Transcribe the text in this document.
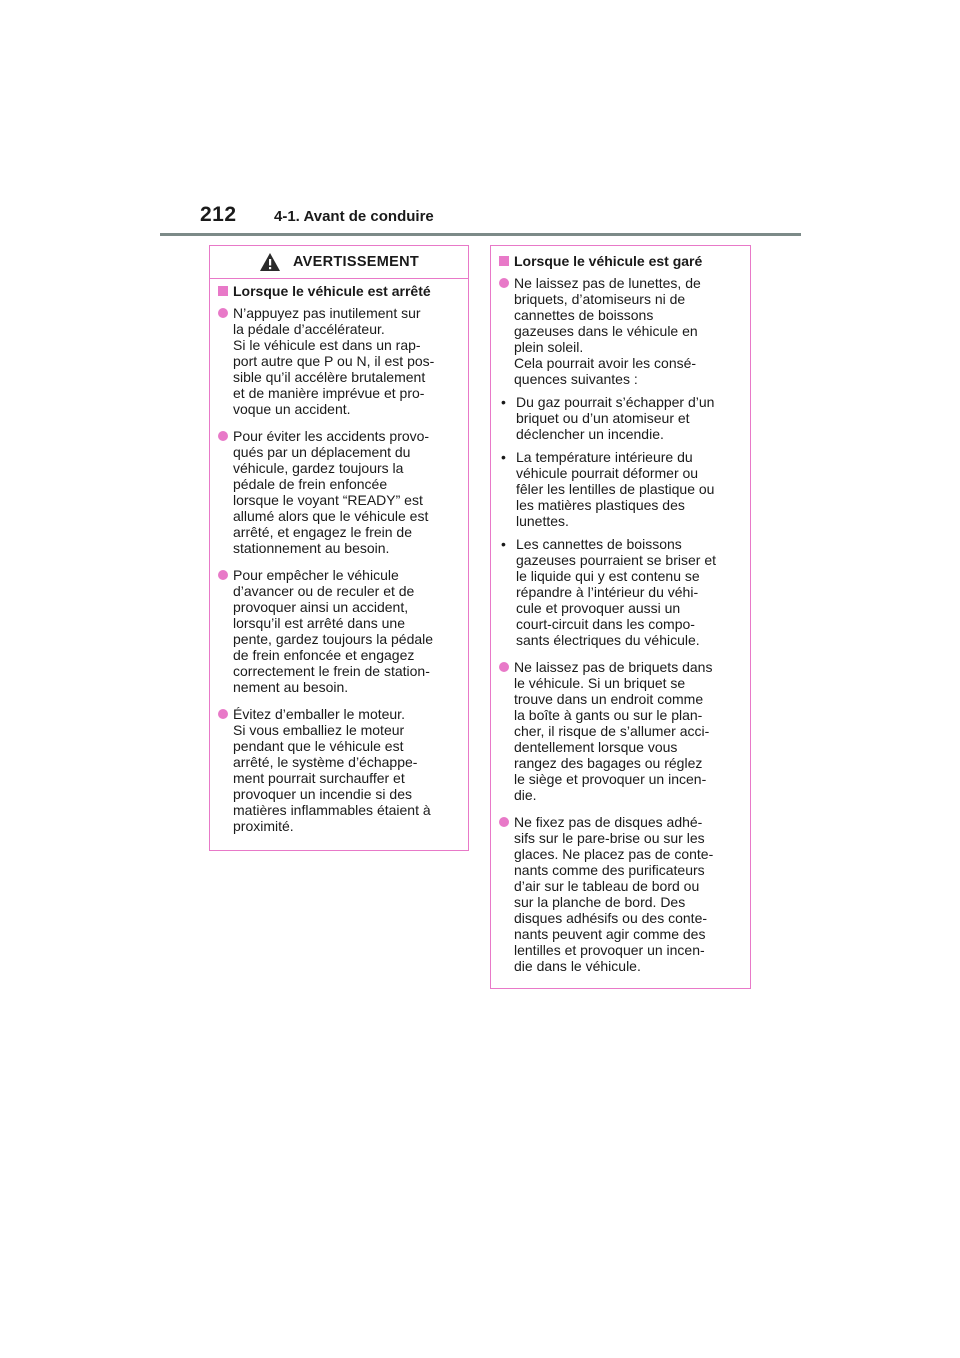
212 4-1. Avant de conduire
AVERTISSEMENT
Lorsque le véhicule est arrêté
N’appuyez pas inutilement sur
la pédale d’accélérateur.
Si le véhicule est dans un rap-
port autre que P ou N, il est pos-
sible qu’il accélère brutalement
et de manière imprévue et pro-
voque un accident.
Pour éviter les accidents provo-
qués par un déplacement du
véhicule, gardez toujours la
pédale de frein enfoncée
lorsque le voyant “READY” est
allumé alors que le véhicule est
arrêté, et engagez le frein de
stationnement au besoin.
Pour empêcher le véhicule
d’avancer ou de reculer et de
provoquer ainsi un accident,
lorsqu’il est arrêté dans une
pente, gardez toujours la pédale
de frein enfoncée et engagez
correctement le frein de station-
nement au besoin.
Évitez d’emballer le moteur.
Si vous emballiez le moteur
pendant que le véhicule est
arrêté, le système d’échappe-
ment pourrait surchauffer et
provoquer un incendie si des
matières inflammables étaient à
proximité.
Lorsque le véhicule est garé
Ne laissez pas de lunettes, de
briquets, d’atomiseurs ni de
cannettes de boissons
gazeuses dans le véhicule en
plein soleil.
Cela pourrait avoir les consé-
quences suivantes :
• Du gaz pourrait s’échapper d’un
briquet ou d’un atomiseur et
déclencher un incendie.
• La température intérieure du
véhicule pourrait déformer ou
fêler les lentilles de plastique ou
les matières plastiques des
lunettes.
• Les cannettes de boissons
gazeuses pourraient se briser et
le liquide qui y est contenu se
répandre à l’intérieur du véhi-
cule et provoquer aussi un
court-circuit dans les compo-
sants électriques du véhicule.
Ne laissez pas de briquets dans
le véhicule. Si un briquet se
trouve dans un endroit comme
la boîte à gants ou sur le plan-
cher, il risque de s’allumer acci-
dentellement lorsque vous
rangez des bagages ou réglez
le siège et provoquer un incen-
die.
Ne fixez pas de disques adhé-
sifs sur le pare-brise ou sur les
glaces. Ne placez pas de conte-
nants comme des purificateurs
d’air sur le tableau de bord ou
sur la planche de bord. Des
disques adhésifs ou des conte-
nants peuvent agir comme des
lentilles et provoquer un incen-
die dans le véhicule.
